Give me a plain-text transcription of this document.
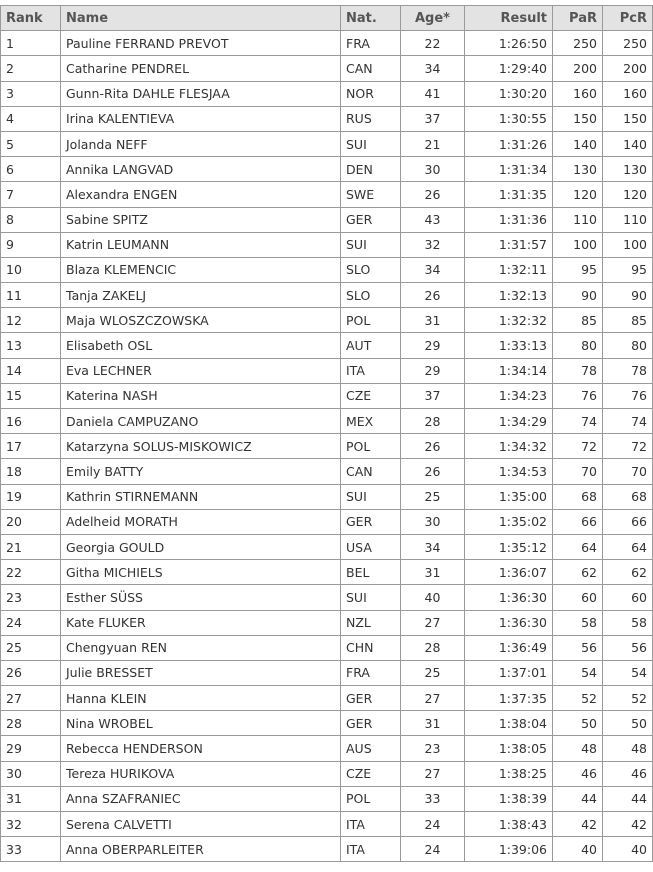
Rank	Name	Nat.	Age*	Result	PaR	PcR
1	Pauline FERRAND PREVOT	FRA	22	1:26:50	250	250
2	Catharine PENDREL	CAN	34	1:29:40	200	200
3	Gunn-Rita DAHLE FLESJAA	NOR	41	1:30:20	160	160
4	Irina KALENTIEVA	RUS	37	1:30:55	150	150
5	Jolanda NEFF	SUI	21	1:31:26	140	140
6	Annika LANGVAD	DEN	30	1:31:34	130	130
7	Alexandra ENGEN	SWE	26	1:31:35	120	120
8	Sabine SPITZ	GER	43	1:31:36	110	110
9	Katrin LEUMANN	SUI	32	1:31:57	100	100
10	Blaza KLEMENCIC	SLO	34	1:32:11	95	95
11	Tanja ZAKELJ	SLO	26	1:32:13	90	90
12	Maja WLOSZCZOWSKA	POL	31	1:32:32	85	85
13	Elisabeth OSL	AUT	29	1:33:13	80	80
14	Eva LECHNER	ITA	29	1:34:14	78	78
15	Katerina NASH	CZE	37	1:34:23	76	76
16	Daniela CAMPUZANO	MEX	28	1:34:29	74	74
17	Katarzyna SOLUS-MISKOWICZ	POL	26	1:34:32	72	72
18	Emily BATTY	CAN	26	1:34:53	70	70
19	Kathrin STIRNEMANN	SUI	25	1:35:00	68	68
20	Adelheid MORATH	GER	30	1:35:02	66	66
21	Georgia GOULD	USA	34	1:35:12	64	64
22	Githa MICHIELS	BEL	31	1:36:07	62	62
23	Esther SÜSS	SUI	40	1:36:30	60	60
24	Kate FLUKER	NZL	27	1:36:30	58	58
25	Chengyuan REN	CHN	28	1:36:49	56	56
26	Julie BRESSET	FRA	25	1:37:01	54	54
27	Hanna KLEIN	GER	27	1:37:35	52	52
28	Nina WROBEL	GER	31	1:38:04	50	50
29	Rebecca HENDERSON	AUS	23	1:38:05	48	48
30	Tereza HURIKOVA	CZE	27	1:38:25	46	46
31	Anna SZAFRANIEC	POL	33	1:38:39	44	44
32	Serena CALVETTI	ITA	24	1:38:43	42	42
33	Anna OBERPARLEITER	ITA	24	1:39:06	40	40
